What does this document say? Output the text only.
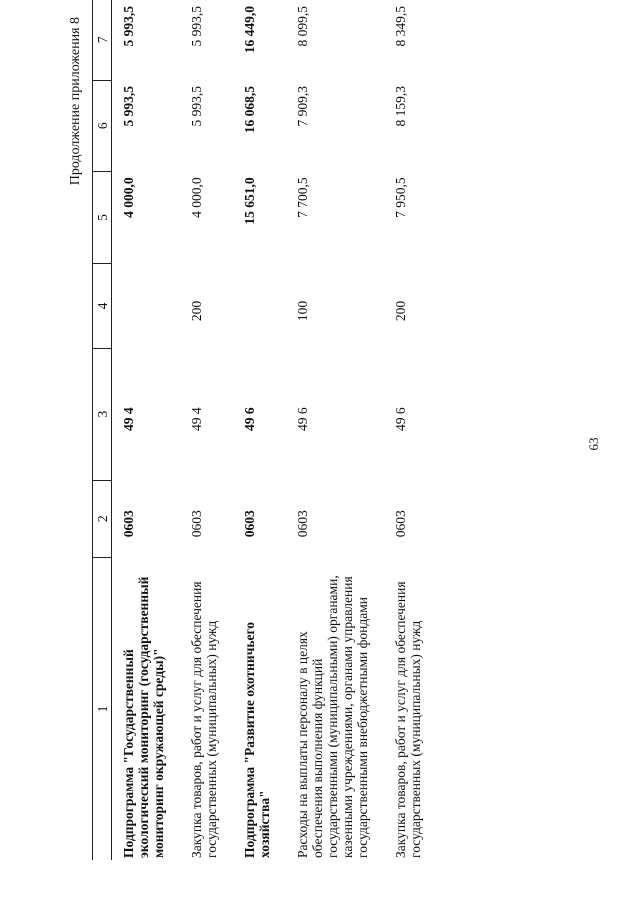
63
Продолжение приложения 8
1	2	3	4	5	6	7
Подпрограмма "Государственный экологический мониторинг (государственный мониторинг окружающей среды)"	0603	49 4		4 000,0	5 993,5	5 993,5
Закупка товаров, работ и услуг для обеспечения государственных (муниципальных) нужд	0603	49 4	200	4 000,0	5 993,5	5 993,5
Подпрограмма "Развитие охотничьего хозяйства"	0603	49 6		15 651,0	16 068,5	16 449,0
Расходы на выплаты персоналу в целях обеспечения выполнения функций государственными (муниципальными) органами, казенными учреждениями, органами управления государственными внебюджетными фондами	0603	49 6	100	7 700,5	7 909,3	8 099,5
Закупка товаров, работ и услуг для обеспечения государственных (муниципальных) нужд	0603	49 6	200	7 950,5	8 159,3	8 349,5
